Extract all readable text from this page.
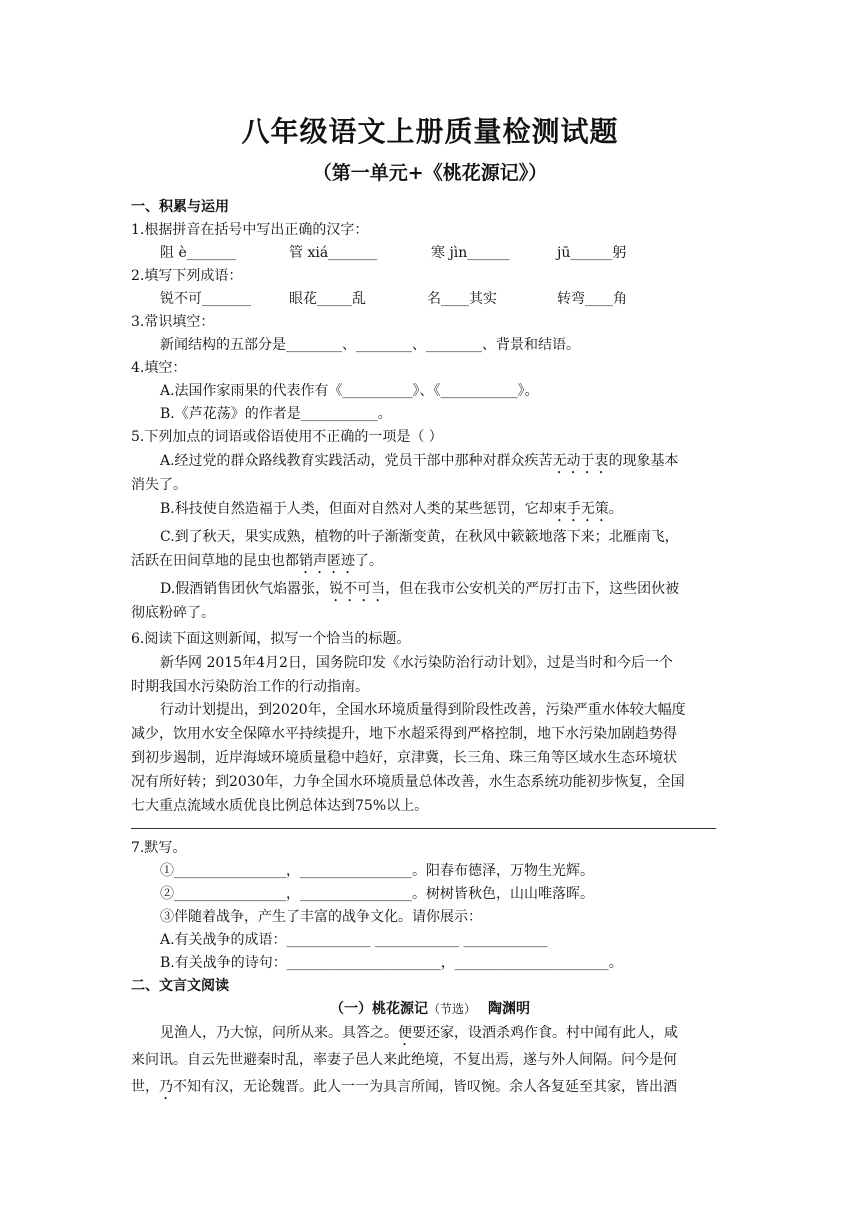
八年级语文上册质量检测试题
（第一单元+《桃花源记》）
一、积累与运用
1.根据拼音在括号中写出正确的汉字：
阻 è_______	管 xiá_______	寒 jìn______	jū______躬
2.填写下列成语：
锐不可_______	眼花_____乱	名____其实	转弯____角
3.常识填空：
新闻结构的五部分是________、________、________、背景和结语。
4.填空：
A.法国作家雨果的代表作有《__________》、《___________》。
B.《芦花荡》的作者是___________。
5.下列加点的词语或俗语使用不正确的一项是（ ）
A.经过党的群众路线教育实践活动，党员干部中那种对群众疾苦无动于衷的现象基本
消失了。
B.科技使自然造福于人类，但面对自然对人类的某些惩罚，它却束手无策。
C.到了秋天，果实成熟，植物的叶子渐渐变黄，在秋风中簌簌地落下来；北雁南飞，
活跃在田间草地的昆虫也都销声匿迹了。
D.假酒销售团伙气焰嚣张，锐不可当，但在我市公安机关的严厉打击下，这些团伙被
彻底粉碎了。
6.阅读下面这则新闻，拟写一个恰当的标题。
新华网 2015年4月2日，国务院印发《水污染防治行动计划》，过是当时和今后一个
时期我国水污染防治工作的行动指南。
行动计划提出，到2020年，全国水环境质量得到阶段性改善，污染严重水体较大幅度
减少，饮用水安全保障水平持续提升，地下水超采得到严格控制，地下水污染加剧趋势得
到初步遏制，近岸海域环境质量稳中趋好，京津冀，长三角、珠三角等区域水生态环境状
况有所好转；到2030年，力争全国水环境质量总体改善，水生态系统功能初步恢复，全国
七大重点流域水质优良比例总体达到75%以上。
7.默写。
①________________，________________。阳春布德泽，万物生光辉。
②________________，________________。树树皆秋色，山山唯落晖。
③伴随着战争，产生了丰富的战争文化。请你展示：
A.有关战争的成语：____________ ____________ ____________
B.有关战争的诗句：______________________，______________________。
二、文言文阅读
（一）桃花源记（节选） 陶渊明
见渔人，乃大惊，问所从来。具答之。便要还家，设酒杀鸡作食。村中闻有此人，咸
来问讯。自云先世避秦时乱，率妻子邑人来此绝境，不复出焉，遂与外人间隔。问今是何
世，乃不知有汉，无论魏晋。此人一一为具言所闻，皆叹惋。余人各复延至其家，皆出酒
